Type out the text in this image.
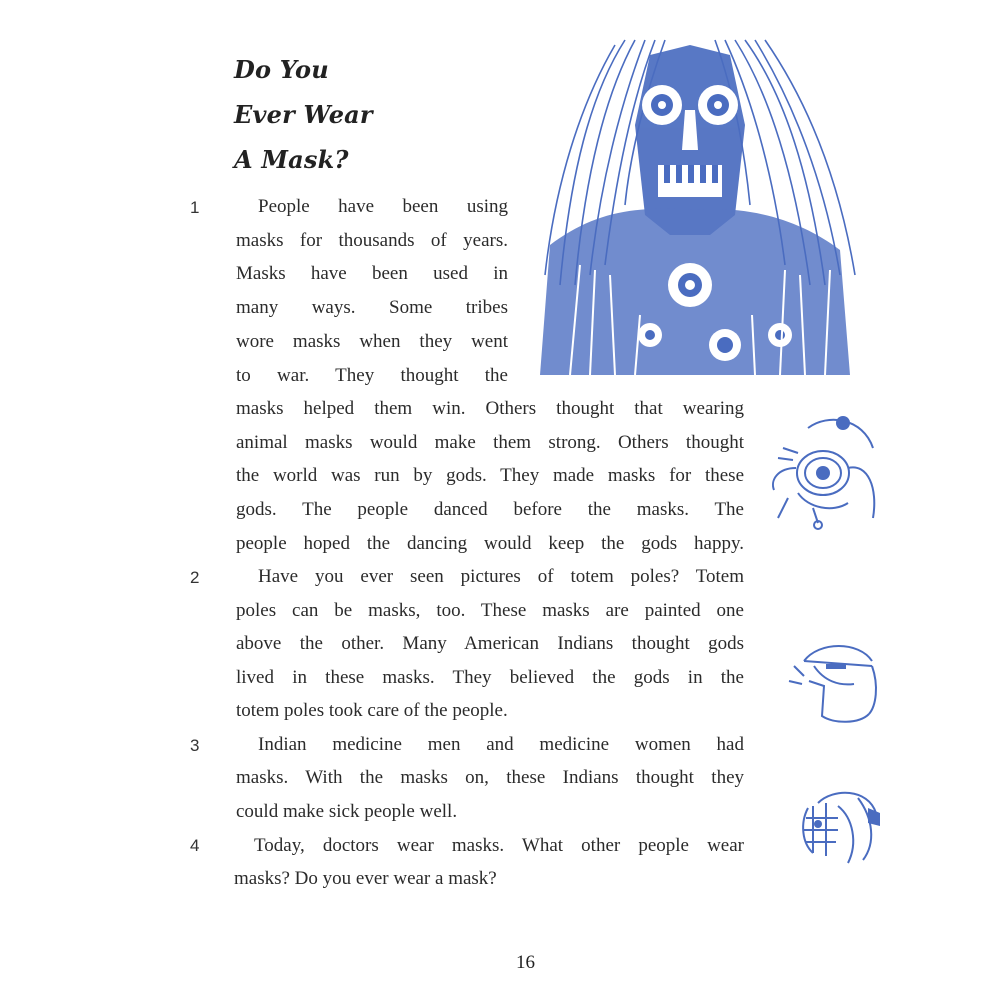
Do You
Ever Wear
A Mask?
1
2
3
4
People have been using
masks for thousands of years.
Masks have been used in
many ways. Some tribes
wore masks when they went
to war. They thought the
masks helped them win. Others thought that wearing
animal masks would make them strong. Others thought
the world was run by gods. They made masks for these
gods. The people danced before the masks. The
people hoped the dancing would keep the gods happy.
Have you ever seen pictures of totem poles? Totem
poles can be masks, too. These masks are painted one
above the other. Many American Indians thought gods
lived in these masks. They believed the gods in the
totem poles took care of the people.
Indian medicine men and medicine women had
masks. With the masks on, these Indians thought they
could make sick people well.
Today, doctors wear masks. What other people wear
masks? Do you ever wear a mask?
16
